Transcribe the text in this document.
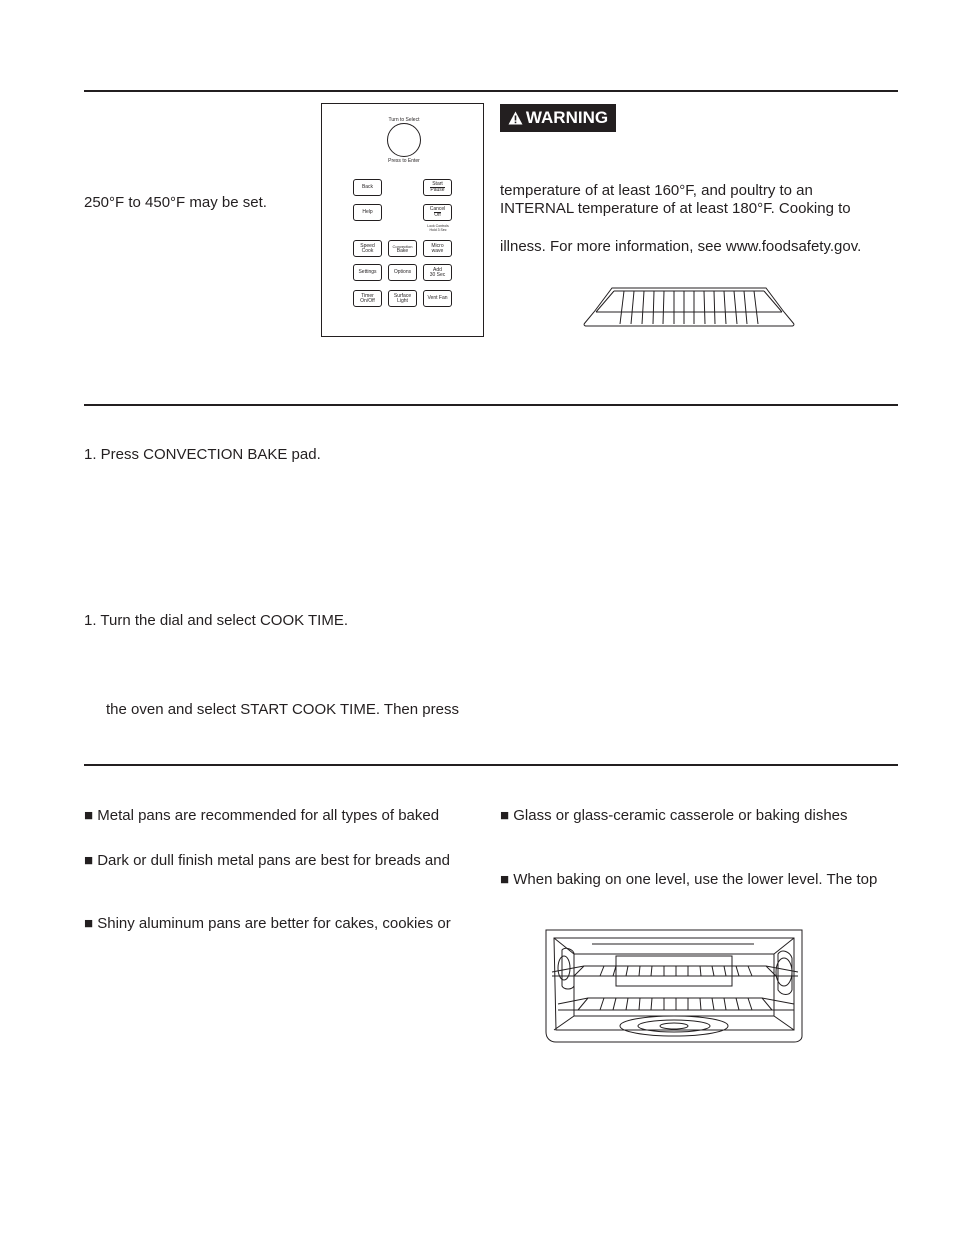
250°F to 450°F may be set.
Turn to Select
Press to Enter
Back	Start
Pause
Help	Cancel
Off
Lock Controls
Hold 3 Sec
Speed
Cook
Convection
Bake
Micro
wave
Settings	Options	Add
30 Sec
Timer
On/Off
Surface
Light	Vent Fan
WARNING
temperature of at least 160°F, and poultry to an
INTERNAL temperature of at least 180°F. Cooking to
illness. For more information, see www.foodsafety.gov.
1. Press CONVECTION BAKE pad.
1. Turn the dial and select COOK TIME.
the oven and select START COOK TIME. Then press
■ Metal pans are recommended for all types of baked
■ Dark or dull finish metal pans are best for breads and
■ Shiny aluminum pans are better for cakes, cookies or
■ Glass or glass-ceramic casserole or baking dishes
■ When baking on one level, use the lower level. The top
